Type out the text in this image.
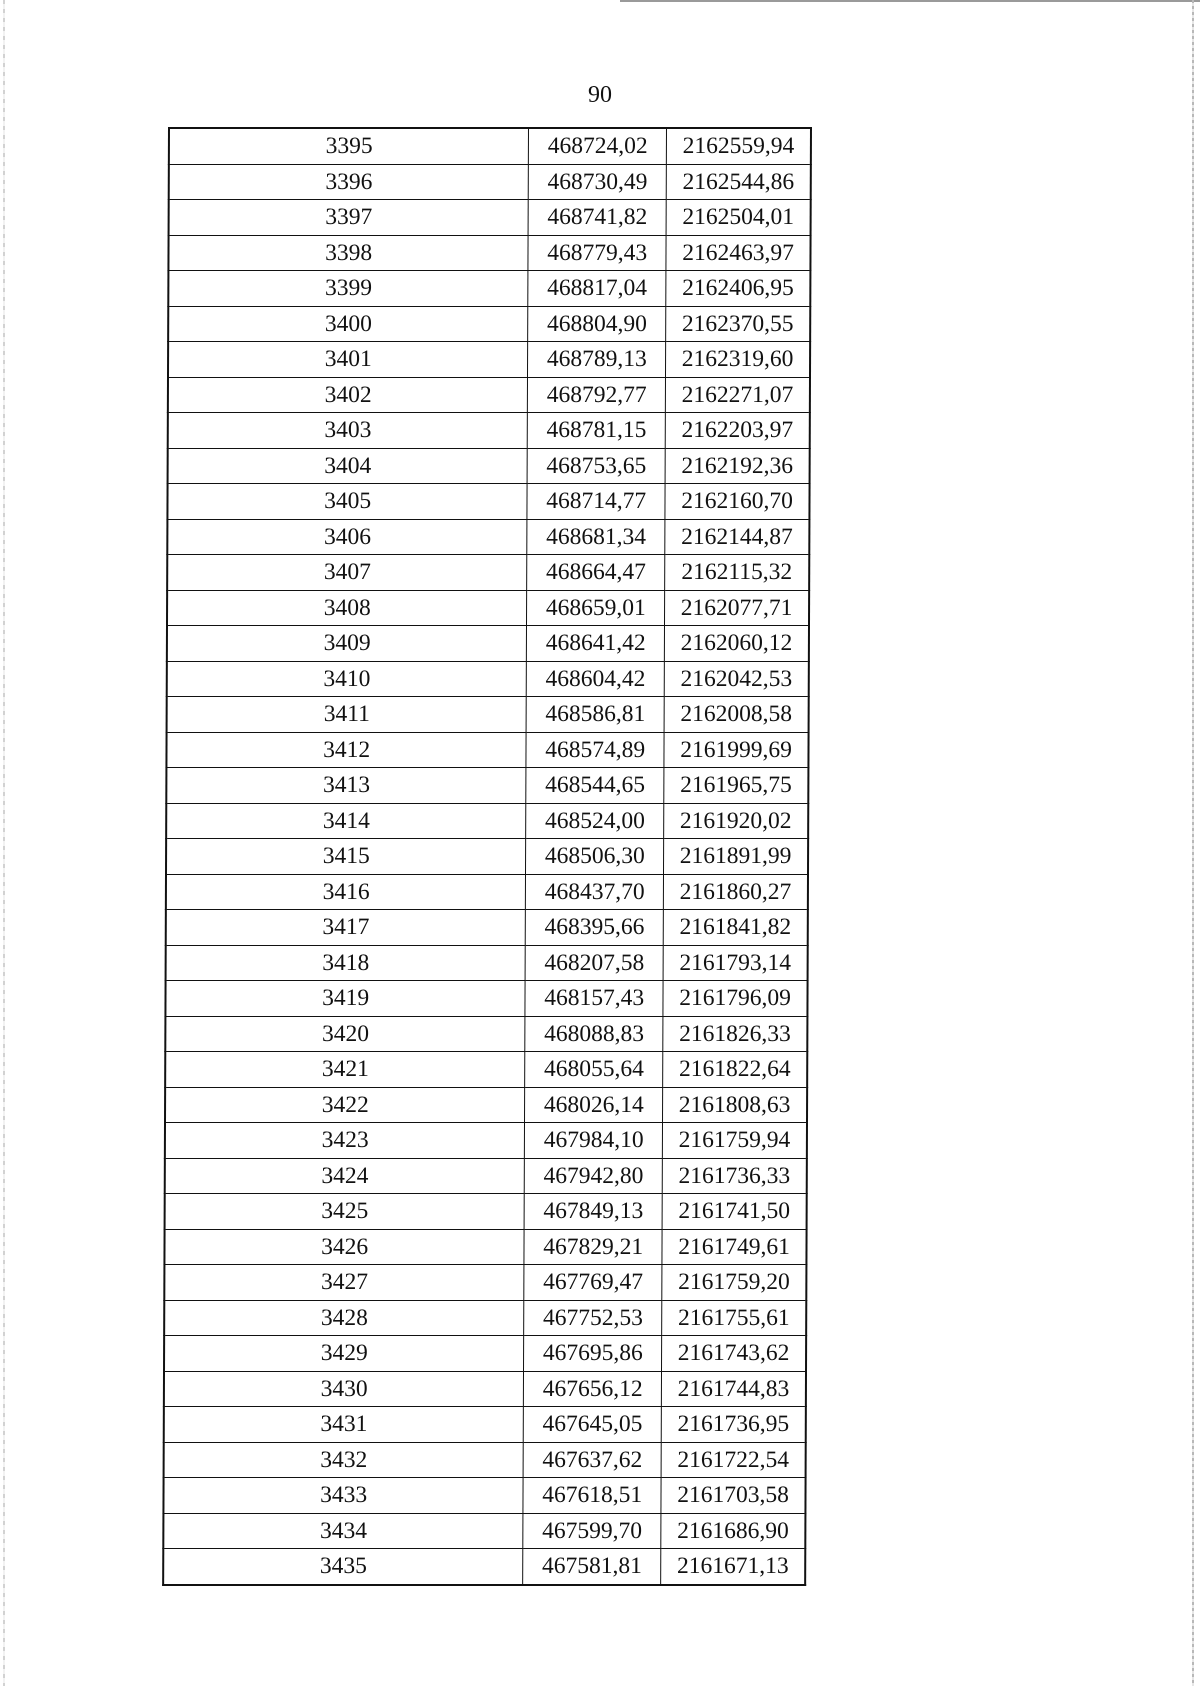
90
3395	468724,02	2162559,94
3396	468730,49	2162544,86
3397	468741,82	2162504,01
3398	468779,43	2162463,97
3399	468817,04	2162406,95
3400	468804,90	2162370,55
3401	468789,13	2162319,60
3402	468792,77	2162271,07
3403	468781,15	2162203,97
3404	468753,65	2162192,36
3405	468714,77	2162160,70
3406	468681,34	2162144,87
3407	468664,47	2162115,32
3408	468659,01	2162077,71
3409	468641,42	2162060,12
3410	468604,42	2162042,53
3411	468586,81	2162008,58
3412	468574,89	2161999,69
3413	468544,65	2161965,75
3414	468524,00	2161920,02
3415	468506,30	2161891,99
3416	468437,70	2161860,27
3417	468395,66	2161841,82
3418	468207,58	2161793,14
3419	468157,43	2161796,09
3420	468088,83	2161826,33
3421	468055,64	2161822,64
3422	468026,14	2161808,63
3423	467984,10	2161759,94
3424	467942,80	2161736,33
3425	467849,13	2161741,50
3426	467829,21	2161749,61
3427	467769,47	2161759,20
3428	467752,53	2161755,61
3429	467695,86	2161743,62
3430	467656,12	2161744,83
3431	467645,05	2161736,95
3432	467637,62	2161722,54
3433	467618,51	2161703,58
3434	467599,70	2161686,90
3435	467581,81	2161671,13
